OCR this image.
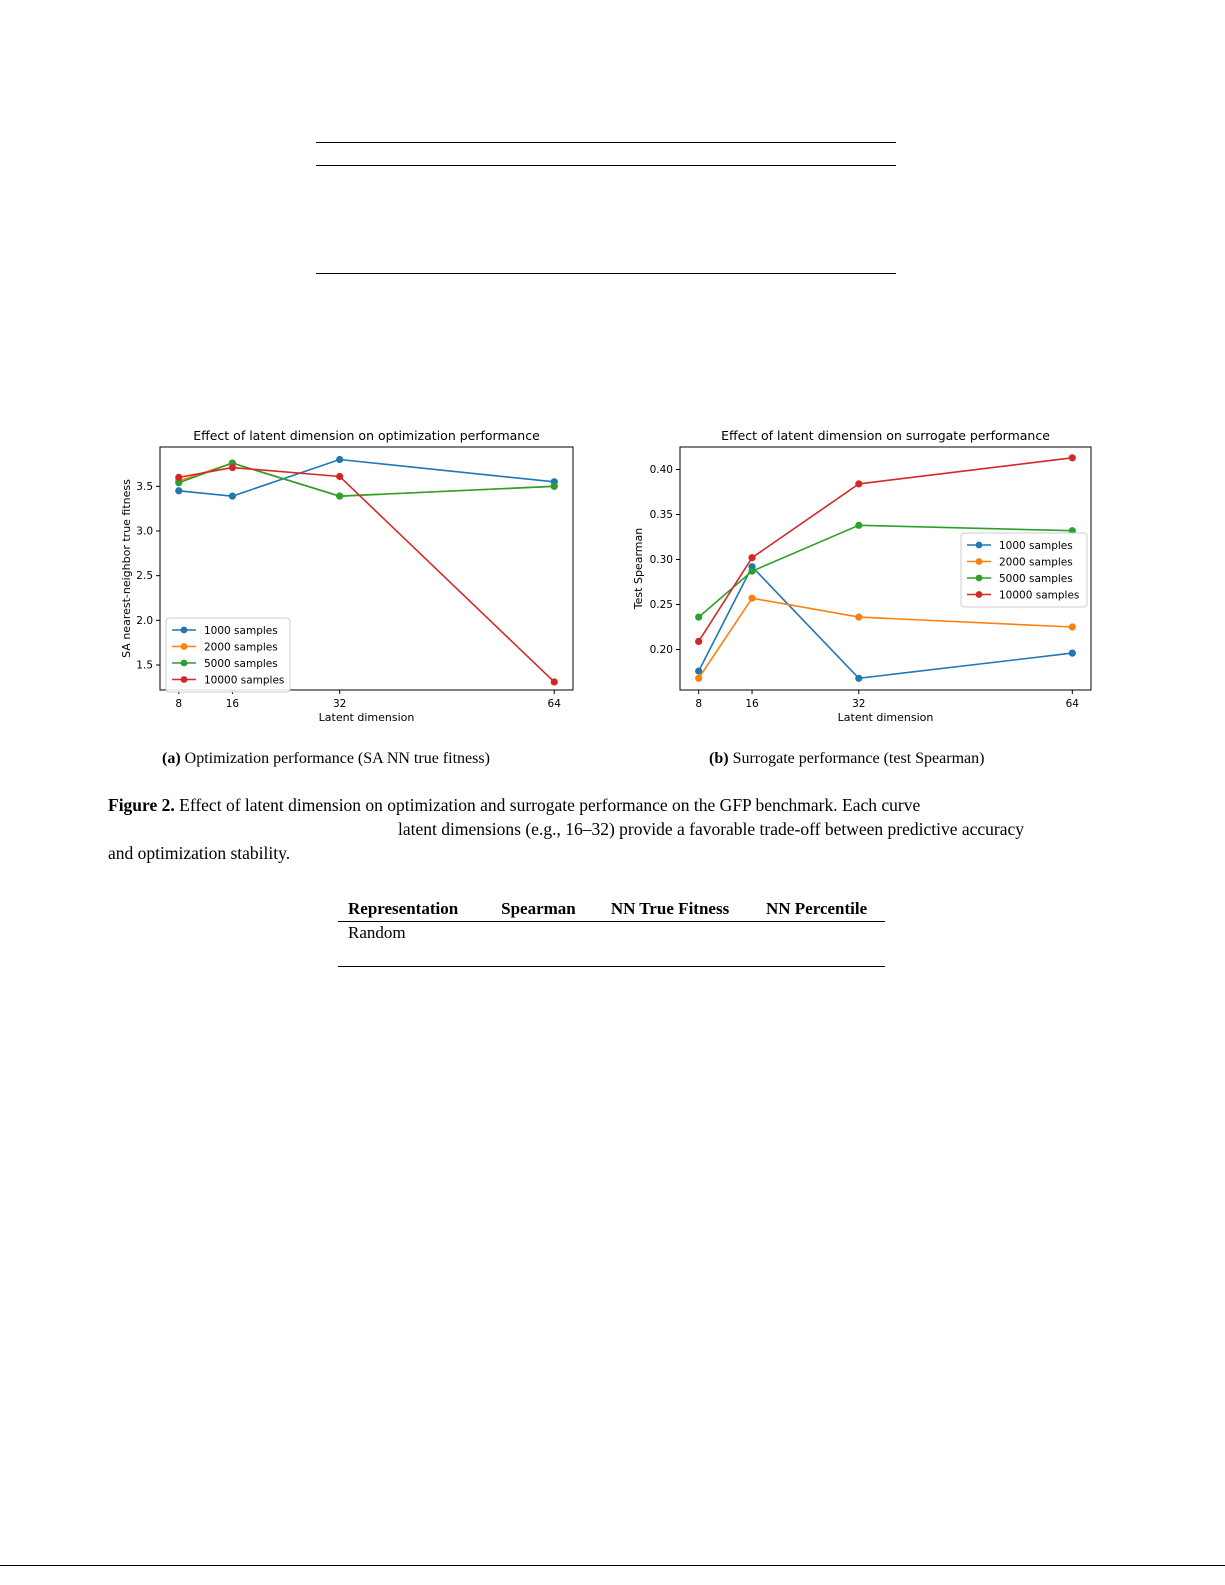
Effect of latent dimension on optimization performance
1.5
2.0
2.5
3.0
3.5
8	16	32	64
Latent dimension
SA nearest-neighbor true fitness	1000 samples
2000 samples
5000 samples
10000 samples
Effect of latent dimension on surrogate performance
0.20
0.25
0.30
0.35
0.40
8	16	32	64
Latent dimension
Test Spearman	1000 samples
2000 samples
5000 samples
10000 samples
(a) Optimization performance (SA NN true fitness)	(b) Surrogate performance (test Spearman)
Figure 2. Effect of latent dimension on optimization and surrogate performance on the GFP benchmark. Each curve
latent dimensions (e.g., 16–32) provide a favorable trade-off between predictive accuracy
and optimization stability.
Representation	Spearman	NN True Fitness	NN Percentile
Random			
